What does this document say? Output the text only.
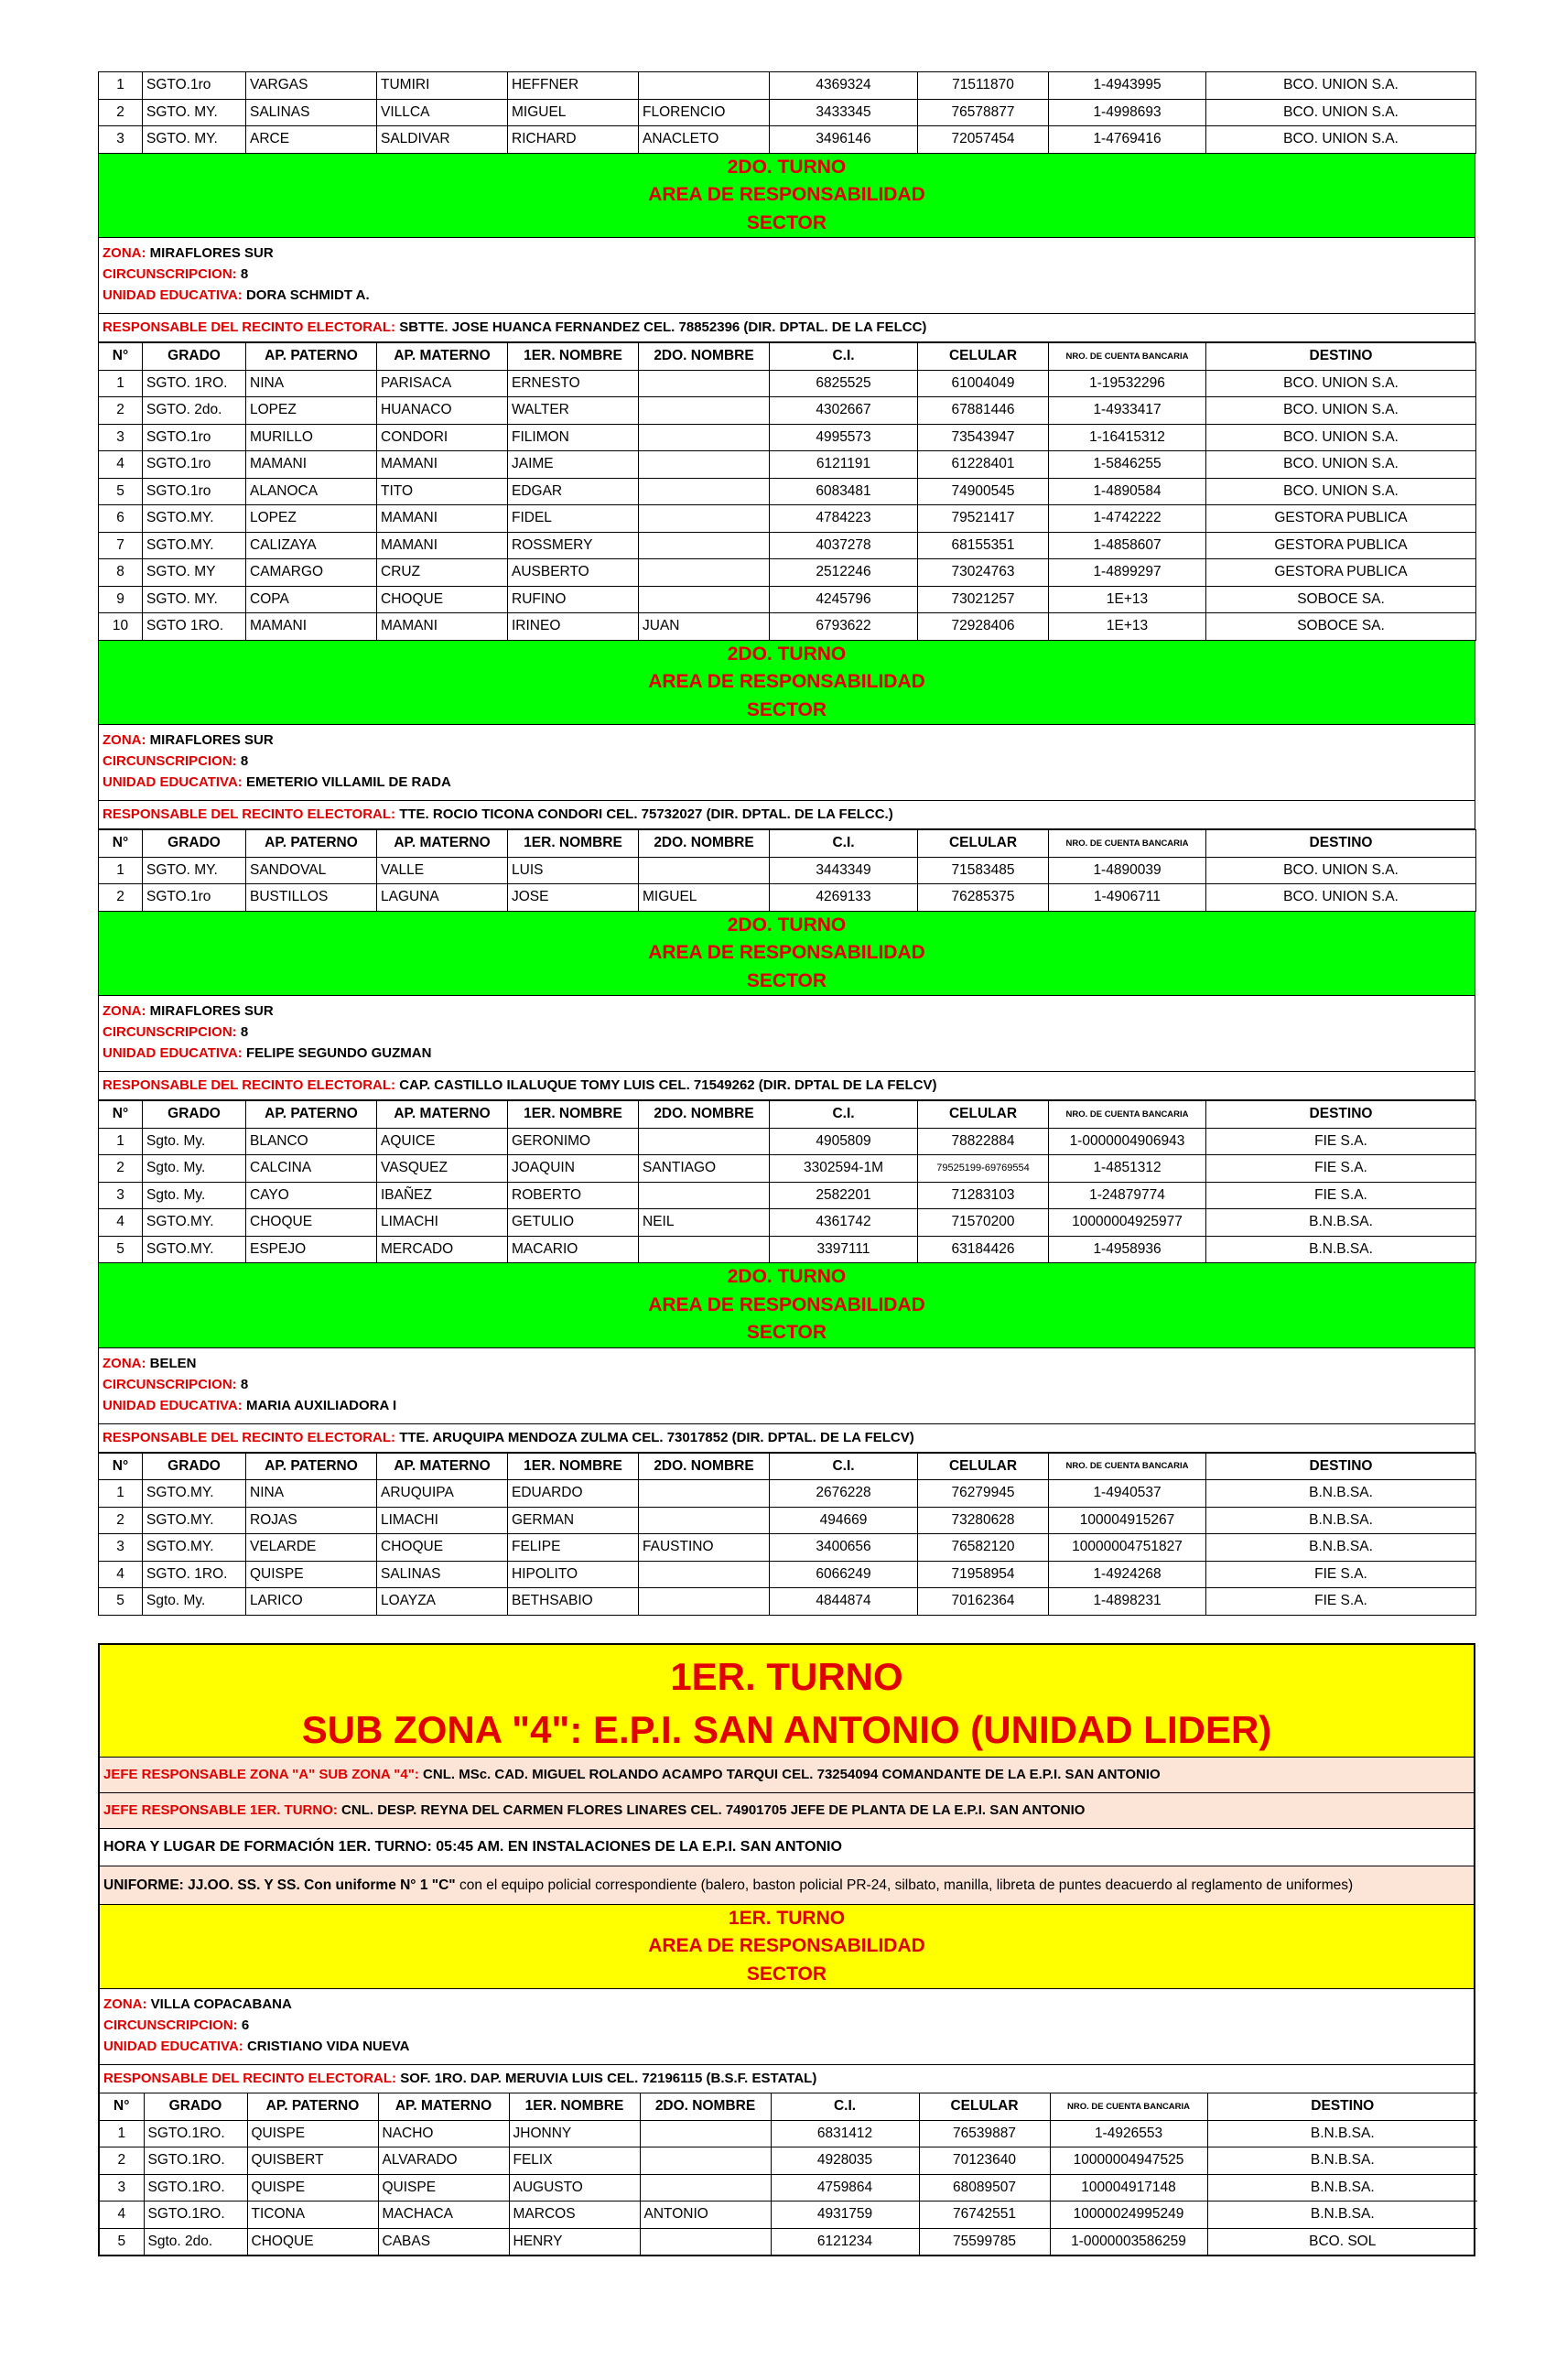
1	SGTO.1ro	VARGAS	TUMIRI	HEFFNER		4369324	71511870	1-4943995	BCO. UNION S.A.
2	SGTO. MY.	SALINAS	VILLCA	MIGUEL	FLORENCIO	3433345	76578877	1-4998693	BCO. UNION S.A.
3	SGTO. MY.	ARCE	SALDIVAR	RICHARD	ANACLETO	3496146	72057454	1-4769416	BCO. UNION S.A.
2DO. TURNO
AREA DE RESPONSABILIDAD
SECTOR
ZONA: MIRAFLORES SUR
CIRCUNSCRIPCION: 8
UNIDAD EDUCATIVA: DORA SCHMIDT A.
RESPONSABLE DEL RECINTO ELECTORAL: SBTTE. JOSE HUANCA FERNANDEZ CEL. 78852396 (DIR. DPTAL. DE LA FELCC)
N°	GRADO	AP. PATERNO	AP. MATERNO	1ER. NOMBRE	2DO. NOMBRE	C.I.	CELULAR	NRO. DE CUENTA BANCARIA	DESTINO
1	SGTO. 1RO.	NINA	PARISACA	ERNESTO		6825525	61004049	1-19532296	BCO. UNION S.A.
2	SGTO. 2do.	LOPEZ	HUANACO	WALTER		4302667	67881446	1-4933417	BCO. UNION S.A.
3	SGTO.1ro	MURILLO	CONDORI	FILIMON		4995573	73543947	1-16415312	BCO. UNION S.A.
4	SGTO.1ro	MAMANI	MAMANI	JAIME		6121191	61228401	1-5846255	BCO. UNION S.A.
5	SGTO.1ro	ALANOCA	TITO	EDGAR		6083481	74900545	1-4890584	BCO. UNION S.A.
6	SGTO.MY.	LOPEZ	MAMANI	FIDEL		4784223	79521417	1-4742222	GESTORA PUBLICA
7	SGTO.MY.	CALIZAYA	MAMANI	ROSSMERY		4037278	68155351	1-4858607	GESTORA PUBLICA
8	SGTO. MY	CAMARGO	CRUZ	AUSBERTO		2512246	73024763	1-4899297	GESTORA PUBLICA
9	SGTO. MY.	COPA	CHOQUE	RUFINO		4245796	73021257	1E+13	SOBOCE SA.
10	SGTO 1RO.	MAMANI	MAMANI	IRINEO	JUAN	6793622	72928406	1E+13	SOBOCE SA.
2DO. TURNO
AREA DE RESPONSABILIDAD
SECTOR
ZONA: MIRAFLORES SUR
CIRCUNSCRIPCION: 8
UNIDAD EDUCATIVA: EMETERIO VILLAMIL DE RADA
RESPONSABLE DEL RECINTO ELECTORAL: TTE. ROCIO TICONA CONDORI CEL. 75732027 (DIR. DPTAL. DE LA FELCC.)
N°	GRADO	AP. PATERNO	AP. MATERNO	1ER. NOMBRE	2DO. NOMBRE	C.I.	CELULAR	NRO. DE CUENTA BANCARIA	DESTINO
1	SGTO. MY.	SANDOVAL	VALLE	LUIS		3443349	71583485	1-4890039	BCO. UNION S.A.
2	SGTO.1ro	BUSTILLOS	LAGUNA	JOSE	MIGUEL	4269133	76285375	1-4906711	BCO. UNION S.A.
2DO. TURNO
AREA DE RESPONSABILIDAD
SECTOR
ZONA: MIRAFLORES SUR
CIRCUNSCRIPCION: 8
UNIDAD EDUCATIVA: FELIPE SEGUNDO GUZMAN
RESPONSABLE DEL RECINTO ELECTORAL: CAP. CASTILLO ILALUQUE TOMY LUIS CEL. 71549262 (DIR. DPTAL DE LA FELCV)
N°	GRADO	AP. PATERNO	AP. MATERNO	1ER. NOMBRE	2DO. NOMBRE	C.I.	CELULAR	NRO. DE CUENTA BANCARIA	DESTINO
1	Sgto. My.	BLANCO	AQUICE	GERONIMO		4905809	78822884	1-0000004906943	FIE S.A.
2	Sgto. My.	CALCINA	VASQUEZ	JOAQUIN	SANTIAGO	3302594-1M	79525199-69769554	1-4851312	FIE S.A.
3	Sgto. My.	CAYO	IBAÑEZ	ROBERTO		2582201	71283103	1-24879774	FIE S.A.
4	SGTO.MY.	CHOQUE	LIMACHI	GETULIO	NEIL	4361742	71570200	10000004925977	B.N.B.SA.
5	SGTO.MY.	ESPEJO	MERCADO	MACARIO		3397111	63184426	1-4958936	B.N.B.SA.
2DO. TURNO
AREA DE RESPONSABILIDAD
SECTOR
ZONA: BELEN
CIRCUNSCRIPCION: 8
UNIDAD EDUCATIVA: MARIA AUXILIADORA I
RESPONSABLE DEL RECINTO ELECTORAL: TTE. ARUQUIPA MENDOZA ZULMA CEL. 73017852 (DIR. DPTAL. DE LA FELCV)
N°	GRADO	AP. PATERNO	AP. MATERNO	1ER. NOMBRE	2DO. NOMBRE	C.I.	CELULAR	NRO. DE CUENTA BANCARIA	DESTINO
1	SGTO.MY.	NINA	ARUQUIPA	EDUARDO		2676228	76279945	1-4940537	B.N.B.SA.
2	SGTO.MY.	ROJAS	LIMACHI	GERMAN		494669	73280628	100004915267	B.N.B.SA.
3	SGTO.MY.	VELARDE	CHOQUE	FELIPE	FAUSTINO	3400656	76582120	10000004751827	B.N.B.SA.
4	SGTO. 1RO.	QUISPE	SALINAS	HIPOLITO		6066249	71958954	1-4924268	FIE S.A.
5	Sgto. My.	LARICO	LOAYZA	BETHSABIO		4844874	70162364	1-4898231	FIE S.A.
1ER. TURNO
SUB ZONA "4": E.P.I. SAN ANTONIO (UNIDAD LIDER)
JEFE RESPONSABLE ZONA "A" SUB ZONA "4": CNL. MSc. CAD. MIGUEL ROLANDO ACAMPO TARQUI CEL. 73254094 COMANDANTE DE LA E.P.I. SAN ANTONIO
JEFE RESPONSABLE 1ER. TURNO: CNL. DESP. REYNA DEL CARMEN FLORES LINARES CEL. 74901705 JEFE DE PLANTA DE LA E.P.I. SAN ANTONIO
HORA Y LUGAR DE FORMACIÓN 1ER. TURNO: 05:45 AM. EN INSTALACIONES DE LA E.P.I. SAN ANTONIO
UNIFORME: JJ.OO. SS. Y SS. Con uniforme N° 1 "C" con el equipo policial correspondiente (balero, baston policial PR-24, silbato, manilla, libreta de puntes deacuerdo al reglamento de uniformes)
1ER. TURNO
AREA DE RESPONSABILIDAD
SECTOR
ZONA: VILLA COPACABANA
CIRCUNSCRIPCION: 6
UNIDAD EDUCATIVA: CRISTIANO VIDA NUEVA
RESPONSABLE DEL RECINTO ELECTORAL: SOF. 1RO. DAP. MERUVIA LUIS CEL. 72196115 (B.S.F. ESTATAL)
N°	GRADO	AP. PATERNO	AP. MATERNO	1ER. NOMBRE	2DO. NOMBRE	C.I.	CELULAR	NRO. DE CUENTA BANCARIA	DESTINO
1	SGTO.1RO.	QUISPE	NACHO	JHONNY		6831412	76539887	1-4926553	B.N.B.SA.
2	SGTO.1RO.	QUISBERT	ALVARADO	FELIX		4928035	70123640	10000004947525	B.N.B.SA.
3	SGTO.1RO.	QUISPE	QUISPE	AUGUSTO		4759864	68089507	100004917148	B.N.B.SA.
4	SGTO.1RO.	TICONA	MACHACA	MARCOS	ANTONIO	4931759	76742551	10000024995249	B.N.B.SA.
5	Sgto. 2do.	CHOQUE	CABAS	HENRY		6121234	75599785	1-0000003586259	BCO. SOL
